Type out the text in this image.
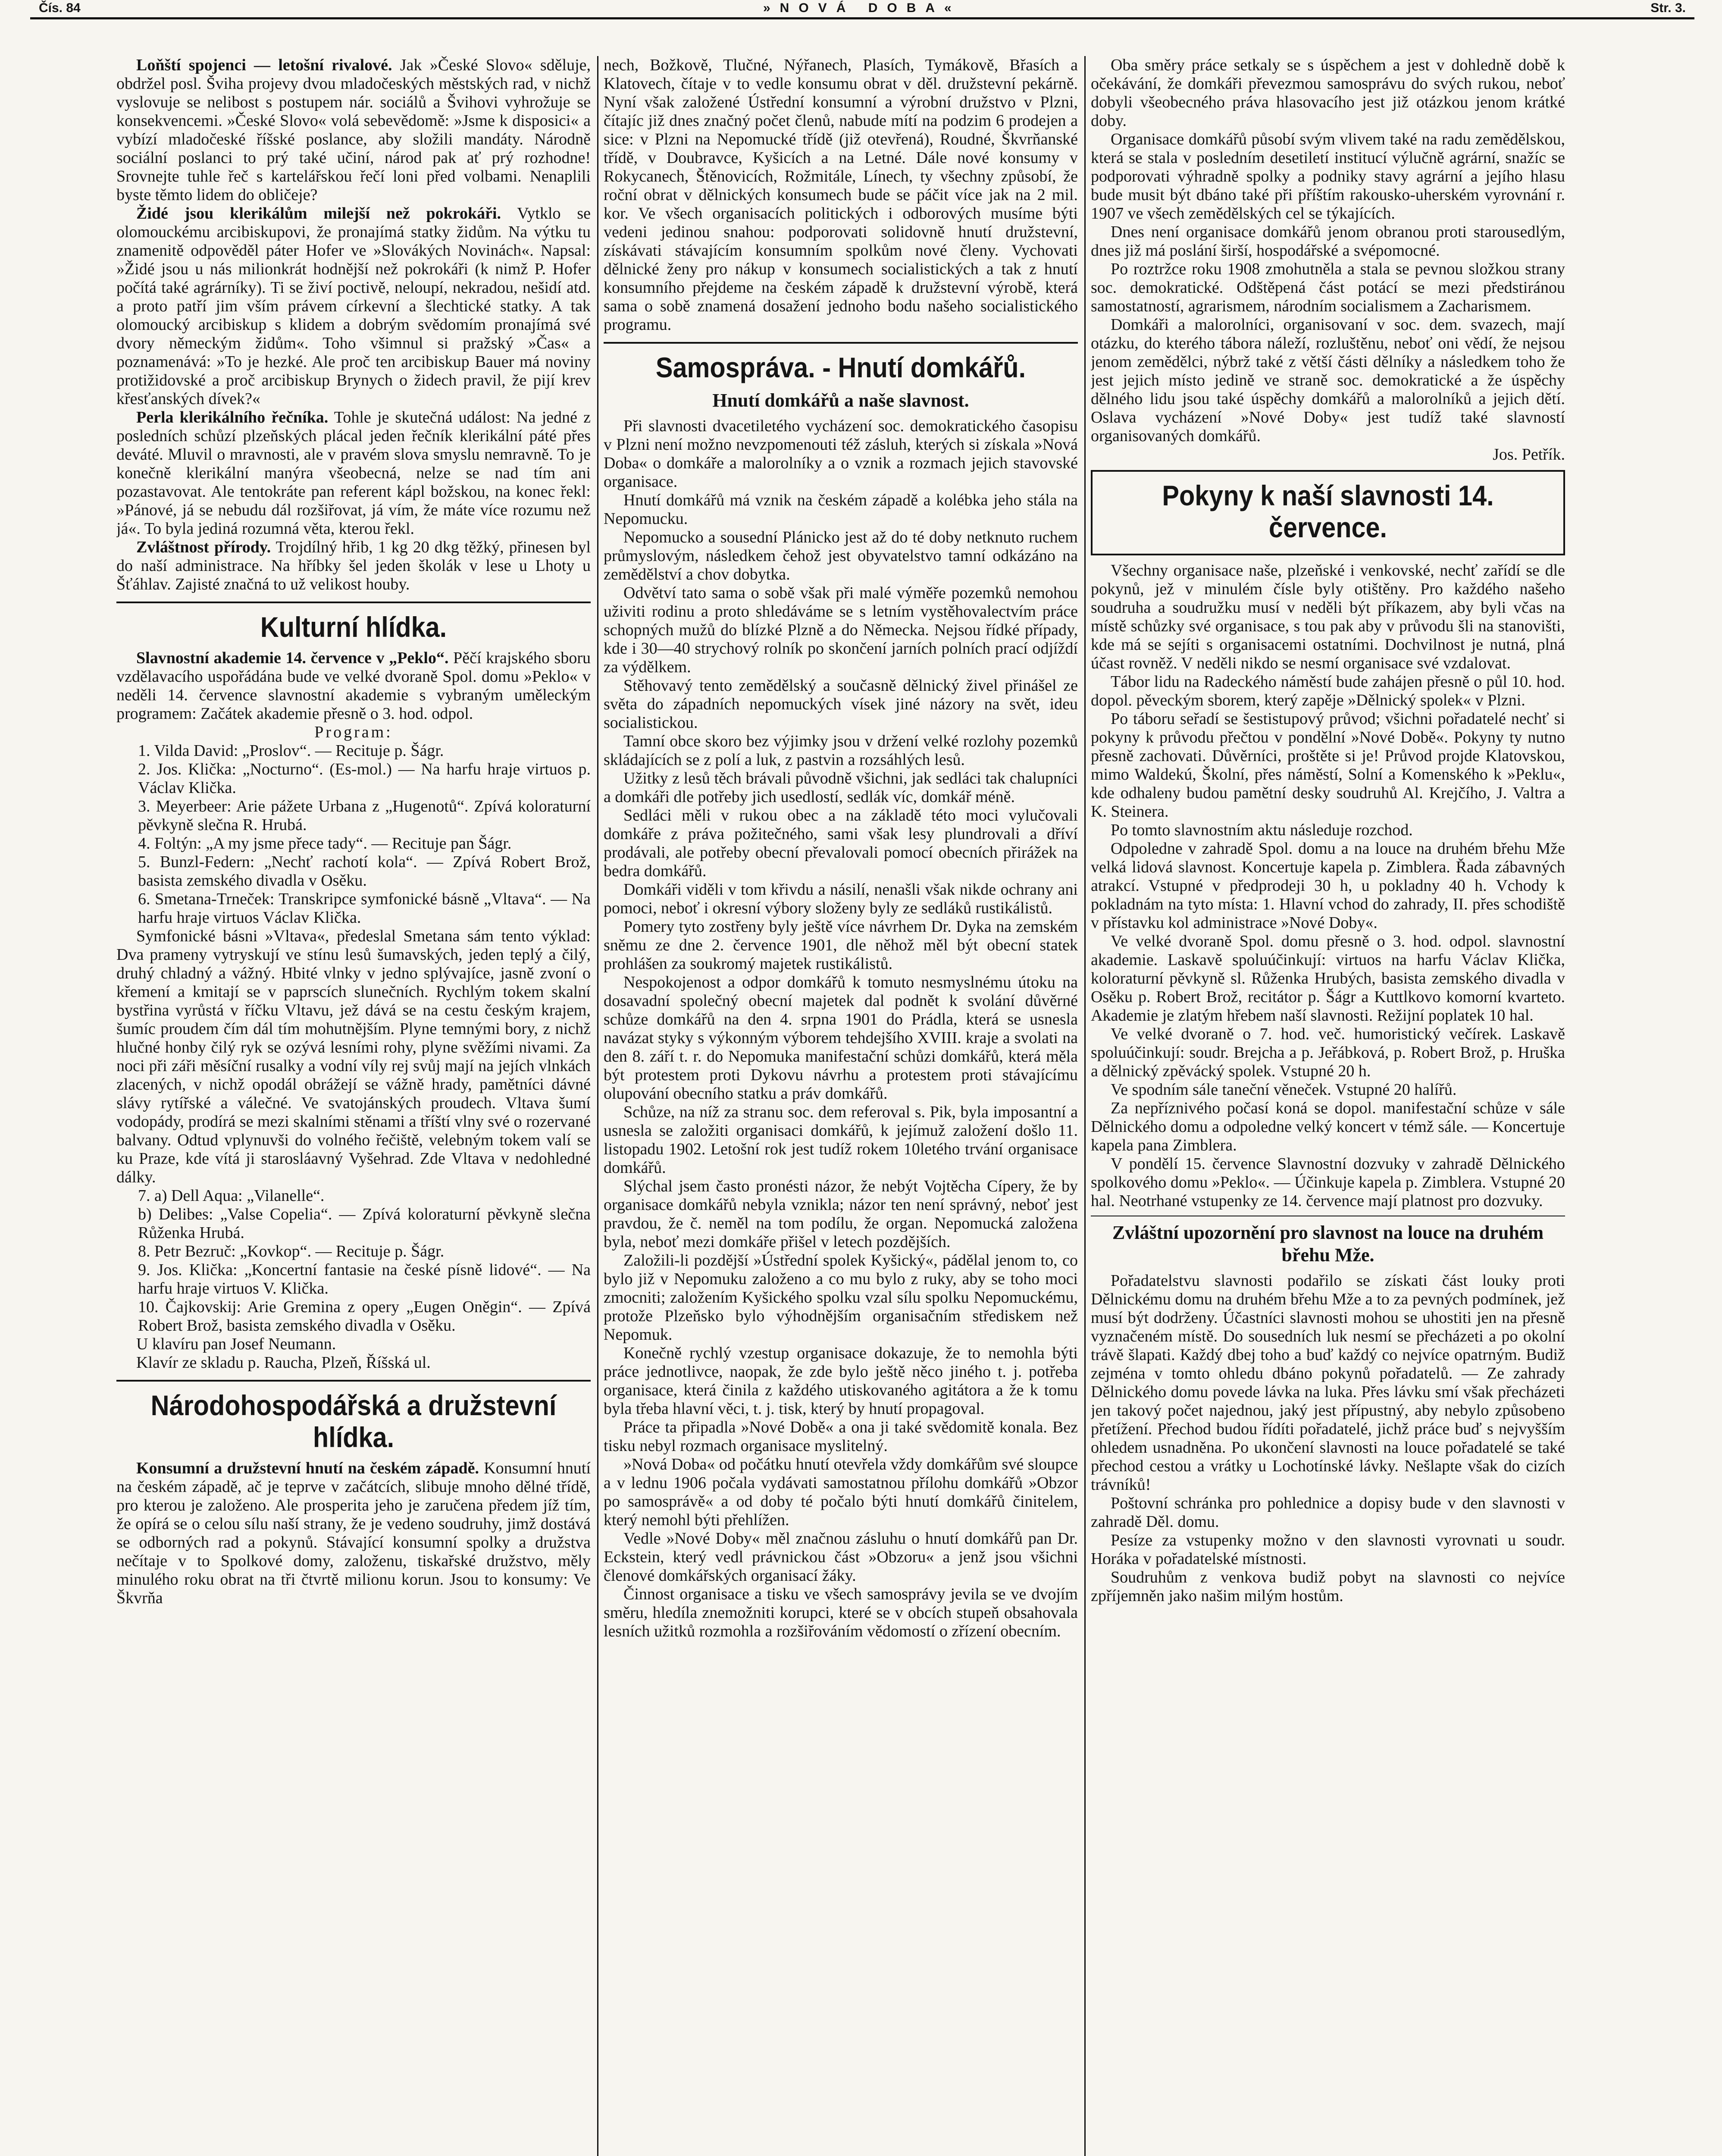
Čís. 84	»NOVÁ DOBA«	Str. 3.

Loňští spojenci — letošní rivalové. Jak »České Slovo« sděluje, obdržel posl. Šviha projevy dvou mladočeských městských rad, v nichž vyslovuje se nelibost s postupem nár. sociálů a Švihovi vyhrožuje se konsekvencemi. »České Slovo« volá sebevědomě: »Jsme k disposici« a vybízí mladočeské říšské poslance, aby složili mandáty. Národně sociální poslanci to prý také učiní, národ pak ať prý rozhodne! Srovnejte tuhle řeč s kartelářskou řečí loni před volbami. Nenaplili byste těmto lidem do obličeje?

Židé jsou klerikálům milejší než pokrokáři. Vytklo se olomouckému arcibiskupovi, že pronajímá statky židům. Na výtku tu znamenitě odpověděl páter Hofer ve »Slovákých Novinách«. Napsal: »Židé jsou u nás milionkrát hodnější než pokrokáři (k nimž P. Hofer počítá také agrárníky). Ti se živí poctivě, neloupí, nekradou, nešidí atd. a proto patří jim vším právem církevní a šlechtické statky. A tak olomoucký arcibiskup s klidem a dobrým svědomím pronajímá své dvory německým židům«. Toho všimnul si pražský »Čas« a poznamenává: »To je hezké. Ale proč ten arcibiskup Bauer má noviny protižidovské a proč arcibiskup Brynych o židech pravil, že pijí krev křesťanských dívek?«

Perla klerikálního řečníka. Tohle je skutečná událost: Na jedné z posledních schůzí plzeňských plácal jeden řečník klerikální páté přes deváté. Mluvil o mravnosti, ale v pravém slova smyslu nemravně. To je konečně klerikální manýra všeobecná, nelze se nad tím ani pozastavovat. Ale tentokráte pan referent kápl božskou, na konec řekl: »Pánové, já se nebudu dál rozšiřovat, já vím, že máte více rozumu než já«. To byla jediná rozumná věta, kterou řekl.

Zvláštnost přírody. Trojdílný hřib, 1 kg 20 dkg těžký, přinesen byl do naší administrace. Na hříbky šel jeden školák v lese u Lhoty u Šťáhlav. Zajisté značná to už velikost houby.

Kulturní hlídka.

Slavnostní akademie 14. července v „Peklo“. Pěčí krajského sboru vzdělavacího uspořádána bude ve velké dvoraně Spol. domu »Peklo« v neděli 14. července slavnostní akademie s vybraným uměleckým programem: Začátek akademie přesně o 3. hod. odpol.

Program:
1. Vilda David: „Proslov“. — Recituje p. Šágr.
2. Jos. Klička: „Nocturno“. (Es-mol.) — Na harfu hraje virtuos p. Václav Klička.
3. Meyerbeer: Arie pážete Urbana z „Hugenotů“. Zpívá koloraturní pěvkyně slečna R. Hrubá.
4. Foltýn: „A my jsme přece tady“. — Recituje pan Šágr.
5. Bunzl-Federn: „Nechť rachotí kola“. — Zpívá Robert Brož, basista zemského divadla v Osěku.
6. Smetana-Trneček: Transkripce symfonické básně „Vltava“. — Na harfu hraje virtuos Václav Klička.

Symfonické básni »Vltava«, předeslal Smetana sám tento výklad: Dva prameny vytryskují ve stínu lesů šumavských, jeden teplý a čilý, druhý chladný a vážný. Hbité vlnky v jedno splývajíce, jasně zvoní o křemení a kmitají se v paprscích slunečních. Rychlým tokem skalní bystřina vyrůstá v říčku Vltavu, jež dává se na cestu českým krajem, šumíc proudem čím dál tím mohutnějším. Plyne temnými bory, z nichž hlučné honby čilý ryk se ozývá lesními rohy, plyne svěžími nivami. Za noci při záři měsíční rusalky a vodní víly rej svůj mají na jejích vlnkách zlacených, v nichž opodál obrážejí se vážně hrady, pamětníci dávné slávy rytířské a válečné. Ve svatojánských proudech. Vltava šumí vodopády, prodírá se mezi skalními stěnami a tříští vlny své o rozervané balvany. Odtud vplynuvši do volného řečiště, velebným tokem valí se ku Praze, kde vítá ji starosláavný Vyšehrad. Zde Vltava v nedohledné dálky.

7. a) Dell Aqua: „Vilanelle“.
b) Delibes: „Valse Copelia“. — Zpívá koloraturní pěvkyně slečna Růženka Hrubá.
8. Petr Bezruč: „Kovkop“. — Recituje p. Šágr.
9. Jos. Klička: „Koncertní fantasie na české písně lidové“. — Na harfu hraje virtuos V. Klička.
10. Čajkovskij: Arie Gremina z opery „Eugen Oněgin“. — Zpívá Robert Brož, basista zemského divadla v Osěku.

U klavíru pan Josef Neumann.

Klavír ze skladu p. Raucha, Plzeň, Říšská ul.

Národohospodářská a družstevní hlídka.

Konsumní a družstevní hnutí na českém západě. Konsumní hnutí na českém západě, ač je teprve v začátcích, slibuje mnoho dělné třídě, pro kterou je založeno. Ale prosperita jeho je zaručena předem jíž tím, že opírá se o celou sílu naší strany, že je vedeno soudruhy, jimž dostává se odborných rad a pokynů. Stávající konsumní spolky a družstva nečítaje v to Spolkové domy, založenu, tiskařské družstvo, měly minulého roku obrat na tři čtvrtě milionu korun. Jsou to konsumy: Ve Škvrňa

nech, Božkově, Tlučné, Nýřanech, Plasích, Tymákově, Břasích a Klatovech, čítaje v to vedle konsumu obrat v děl. družstevní pekárně. Nyní však založené Ústřední konsumní a výrobní družstvo v Plzni, čítajíc již dnes značný počet členů, nabude mítí na podzim 6 prodejen a sice: v Plzni na Nepomucké třídě (již otevřená), Roudné, Škvrňanské třídě, v Doubravce, Kyšicích a na Letné. Dále nové konsumy v Rokycanech, Štěnovicích, Rožmitále, Línech, ty všechny způsobí, že roční obrat v dělnických konsumech bude se páčit více jak na 2 mil. kor. Ve všech organisacích politických i odborových musíme býti vedeni jedinou snahou: podporovati solidovně hnutí družstevní, získávati stávajícím konsumním spolkům nové členy. Vychovati dělnické ženy pro nákup v konsumech socialistických a tak z hnutí konsumního přejdeme na českém západě k družstevní výrobě, která sama o sobě znamená dosažení jednoho bodu našeho socialistického programu.

Samospráva. - Hnutí domkářů.
Hnutí domkářů a naše slavnost.

Při slavnosti dvacetiletého vycházení soc. demokratického časopisu v Plzni není možno nevzpomenouti též zásluh, kterých si získala »Nová Doba« o domkáře a malorolníky a o vznik a rozmach jejich stavovské organisace.

Hnutí domkářů má vznik na českém západě a kolébka jeho stála na Nepomucku.

Nepomucko a sousední Plánicko jest až do té doby netknuto ruchem průmyslovým, následkem čehož jest obyvatelstvo tamní odkázáno na zemědělství a chov dobytka.

Odvětví tato sama o sobě však při malé výměře pozemků nemohou uživiti rodinu a proto shledáváme se s letním vystěhovalectvím práce schopných mužů do blízké Plzně a do Německa. Nejsou řídké případy, kde i 30—40 strychový rolník po skončení jarních polních prací odjíždí za výdělkem.

Stěhovavý tento zemědělský a současně dělnický živel přinášel ze světa do západních nepomuckých vísek jiné názory na svět, ideu socialistickou.

Tamní obce skoro bez výjimky jsou v držení velké rozlohy pozemků skládajících se z polí a luk, z pastvin a rozsáhlých lesů.

Užitky z lesů těch brávali původně všichni, jak sedláci tak chalupníci a domkáři dle potřeby jich usedlostí, sedlák víc, domkář méně.

Sedláci měli v rukou obec a na základě této moci vylučovali domkáře z práva požitečného, sami však lesy plundrovali a dříví prodávali, ale potřeby obecní převalovali pomocí obecních přirážek na bedra domkářů.

Domkáři viděli v tom křivdu a násilí, nenašli však nikde ochrany ani pomoci, neboť i okresní výbory složeny byly ze sedláků rustikálistů.

Pomery tyto zostřeny byly ještě více návrhem Dr. Dyka na zemském sněmu ze dne 2. července 1901, dle něhož měl být obecní statek prohlášen za soukromý majetek rustikálistů.

Nespokojenost a odpor domkářů k tomuto nesmyslnému útoku na dosavadní společný obecní majetek dal podnět k svolání důvěrné schůze domkářů na den 4. srpna 1901 do Prádla, která se usnesla navázat styky s výkonným výborem tehdejšího XVIII. kraje a svolati na den 8. září t. r. do Nepomuka manifestační schůzi domkářů, která měla být protestem proti Dykovu návrhu a protestem proti stávajícímu olupování obecního statku a práv domkářů.

Schůze, na níž za stranu soc. dem referoval s. Pik, byla imposantní a usnesla se založiti organisaci domkářů, k jejímuž založení došlo 11. listopadu 1902. Letošní rok jest tudíž rokem 10letého trvání organisace domkářů.

Slýchal jsem často pronésti názor, že nebýt Vojtěcha Cípery, že by organisace domkářů nebyla vznikla; názor ten není správný, neboť jest pravdou, že č. neměl na tom podílu, že organ. Nepomucká založena byla, neboť mezi domkáře přišel v letech pozdějších.

Založili-li pozdější »Ústřední spolek Kyšický«, pádělal jenom to, co bylo již v Nepomuku založeno a co mu bylo z ruky, aby se toho moci zmocniti; založením Kyšického spolku vzal sílu spolku Nepomuckému, protože Plzeňsko bylo výhodnějším organisačním střediskem než Nepomuk.

Konečně rychlý vzestup organisace dokazuje, že to nemohla býti práce jednotlivce, naopak, že zde bylo ještě něco jiného t. j. potřeba organisace, která činila z každého utiskovaného agitátora a že k tomu byla třeba hlavní věci, t. j. tisk, který by hnutí propagoval.

Práce ta připadla »Nové Době« a ona ji také svědomitě konala. Bez tisku nebyl rozmach organisace myslitelný.

»Nová Doba« od počátku hnutí otevřela vždy domkářům své sloupce a v lednu 1906 počala vydávati samostatnou přílohu domkářů »Obzor po samosprávě« a od doby té počalo býti hnutí domkářů činitelem, který nemohl býti přehlížen.

Vedle »Nové Doby« měl značnou zásluhu o hnutí domkářů pan Dr. Eckstein, který vedl právnickou část »Obzoru« a jenž jsou všichni členové domkářských organisací žáky.

Činnost organisace a tisku ve všech samosprávy jevila se ve dvojím směru, hledíla znemožniti korupci, které se v obcích stupeň obsahovala lesních užitků rozmohla a rozšiřováním vědomostí o zřízení obecním.

Oba směry práce setkaly se s úspěchem a jest v dohledně době k očekávání, že domkáři převezmou samosprávu do svých rukou, neboť dobyli všeobecného práva hlasovacího jest již otázkou jenom krátké doby.

Organisace domkářů působí svým vlivem také na radu zemědělskou, která se stala v posledním desetiletí institucí výlučně agrární, snažíc se podporovati výhradně spolky a podniky stavy agrární a jejího hlasu bude musit být dbáno také při příštím rakousko-uherském vyrovnání r. 1907 ve všech zemědělských cel se týkajících.

Dnes není organisace domkářů jenom obranou proti starousedlým, dnes již má poslání širší, hospodářské a svépomocné.

Po roztržce roku 1908 zmohutněla a stala se pevnou složkou strany soc. demokratické. Odštěpená část potácí se mezi předstiránou samostatností, agrarismem, národním socialismem a Zacharismem.

Domkáři a malorolníci, organisovaní v soc. dem. svazech, mají otázku, do kterého tábora náleží, rozluštěnu, neboť oni vědí, že nejsou jenom zemědělci, nýbrž také z větší části dělníky a následkem toho že jest jejich místo jedině ve straně soc. demokratické a že úspěchy dělného lidu jsou také úspěchy domkářů a malorolníků a jejich dětí. Oslava vycházení »Nové Doby« jest tudíž také slavností organisovaných domkářů.

Jos. Petřík.

Pokyny k naší slavnosti 14. července.

Všechny organisace naše, plzeňské i venkovské, nechť zařídí se dle pokynů, jež v minulém čísle byly otištěny. Pro každého našeho soudruha a soudružku musí v neděli být příkazem, aby byli včas na místě schůzky své organisace, s tou pak aby v průvodu šli na stanovišti, kde má se sejíti s organisacemi ostatními. Dochvilnost je nutná, plná účast rovněž. V neděli nikdo se nesmí organisace své vzdalovat.

Tábor lidu na Radeckého náměstí bude zahájen přesně o půl 10. hod. dopol. pěveckým sborem, který zapěje »Dělnický spolek« v Plzni.

Po táboru seřadí se šestistupový průvod; všichni pořadatelé nechť si pokyny k průvodu přečtou v pondělní »Nové Době«. Pokyny ty nutno přesně zachovati. Důvěrníci, proštěte si je! Průvod projde Klatovskou, mimo Waldekú, Školní, přes náměstí, Solní a Komenského k »Peklu«, kde odhaleny budou pamětní desky soudruhů Al. Krejčího, J. Valtra a K. Steinera.

Po tomto slavnostním aktu následuje rozchod.

Odpoledne v zahradě Spol. domu a na louce na druhém břehu Mže velká lidová slavnost. Koncertuje kapela p. Zimblera. Řada zábavných atrakcí. Vstupné v předprodeji 30 h, u pokladny 40 h. Vchody k pokladnám na tyto místa: 1. Hlavní vchod do zahrady, II. přes schodiště v přístavku kol administrace »Nové Doby«.

Ve velké dvoraně Spol. domu přesně o 3. hod. odpol. slavnostní akademie. Laskavě spoluúčinkují: virtuos na harfu Václav Klička, koloraturní pěvkyně sl. Růženka Hrubých, basista zemského divadla v Osěku p. Robert Brož, recitátor p. Šágr a Kuttlkovo komorní kvarteto. Akademie je zlatým hřebem naší slavnosti. Režijní poplatek 10 hal.

Ve velké dvoraně o 7. hod. več. humoristický večírek. Laskavě spoluúčinkují: soudr. Brejcha a p. Jeřábková, p. Robert Brož, p. Hruška a dělnický zpěvácký spolek. Vstupné 20 h.

Ve spodním sále taneční věneček. Vstupné 20 halířů.

Za nepříznivého počasí koná se dopol. manifestační schůze v sále Dělnického domu a odpoledne velký koncert v témž sále. — Koncertuje kapela pana Zimblera.

V pondělí 15. července Slavnostní dozvuky v zahradě Dělnického spolkového domu »Peklo«. — Účinkuje kapela p. Zimblera. Vstupné 20 hal. Neotrhané vstupenky ze 14. července mají platnost pro dozvuky.

Zvláštní upozornění pro slavnost na louce na druhém břehu Mže.

Pořadatelstvu slavnosti podařilo se získati část louky proti Dělnickému domu na druhém břehu Mže a to za pevných podmínek, jež musí být dodrženy. Účastníci slavnosti mohou se uhostiti jen na přesně vyznačeném místě. Do sousedních luk nesmí se přecházeti a po okolní trávě šlapati. Každý dbej toho a buď každý co nejvíce opatrným. Budiž zejména v tomto ohledu dbáno pokynů pořadatelů. — Ze zahrady Dělnického domu povede lávka na luka. Přes lávku smí však přecházeti jen takový počet najednou, jaký jest přípustný, aby nebylo způsobeno přetížení. Přechod budou řídíti pořadatelé, jichž práce buď s nejvyšším ohledem usnadněna. Po ukončení slavnosti na louce pořadatelé se také přechod cestou a vrátky u Lochotínské lávky. Nešlapte však do cizích trávníků!

Poštovní schránka pro pohlednice a dopisy bude v den slavnosti v zahradě Děl. domu.

Pesíze za vstupenky možno v den slavnosti vyrovnati u soudr. Horáka v pořadatelské místnosti.

Soudruhům z venkova budiž pobyt na slavnosti co nejvíce zpříjemněn jako našim milým hostům.
